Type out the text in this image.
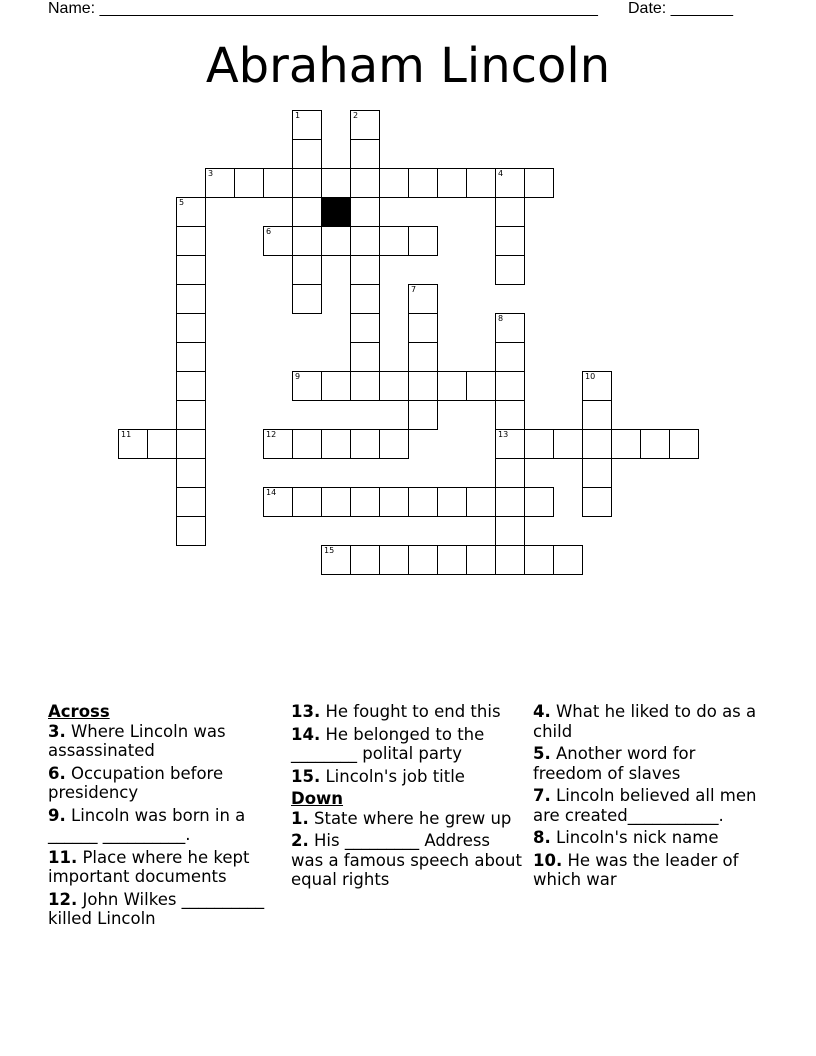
Name: ________________________________________________________ Date: _______
Abraham Lincoln
1	2
3	4
5
6
7
8
13
9	10
11	12
14
15
Across
3. Where Lincoln was assassinated
6. Occupation before presidency
9. Lincoln was born in a ______ __________.
11. Place where he kept important documents
12. John Wilkes __________ killed Lincoln
13. He fought to end this
14. He belonged to the ________ polital party
15. Lincoln's job title
Down
1. State where he grew up
2. His _________ Address was a famous speech about equal rights
4. What he liked to do as a child
5. Another word for freedom of slaves
7. Lincoln believed all men are created___________.
8. Lincoln's nick name
10. He was the leader of which war
